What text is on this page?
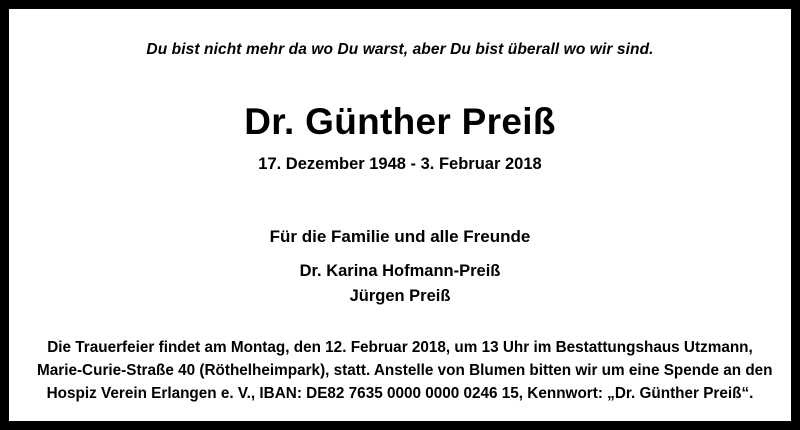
Du bist nicht mehr da wo Du warst, aber Du bist überall wo wir sind.
Dr. Günther Preiß
17. Dezember 1948 - 3. Februar 2018
Für die Familie und alle Freunde
Dr. Karina Hofmann-Preiß
Jürgen Preiß
Die Trauerfeier findet am Montag, den 12. Februar 2018, um 13 Uhr im Bestattungshaus Utzmann,
Marie-Curie-Straße 40 (Röthelheimpark), statt. Anstelle von Blumen bitten wir um eine Spende an den
Hospiz Verein Erlangen e. V., IBAN: DE82 7635 0000 0000 0246 15, Kennwort: „Dr. Günther Preiß“.
